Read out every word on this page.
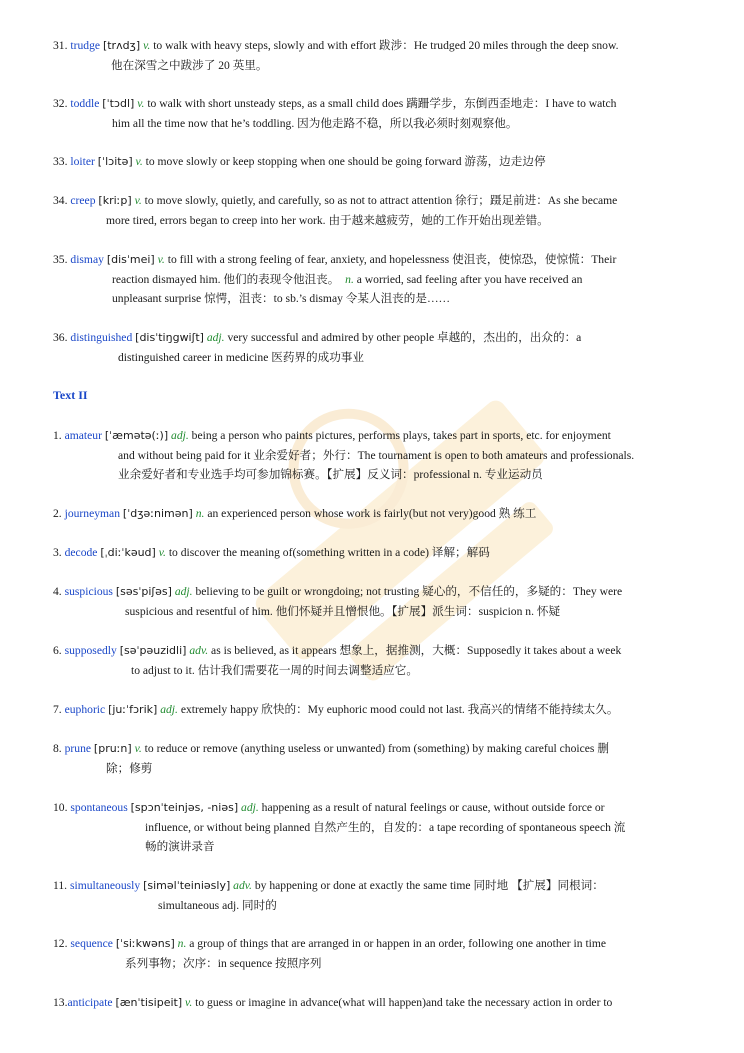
31. trudge [trʌdʒ] v. to walk with heavy steps, slowly and with effort 跋涉：He trudged 20 miles through the deep snow.
他在深雪之中跋涉了 20 英里。
32. toddle [ˈtɔdl] v. to walk with short unsteady steps, as a small child does 蹒跚学步，东倒西歪地走：I have to watch
him all the time now that he’s toddling. 因为他走路不稳，所以我必须时刻观察他。
33. loiter [ˈlɔitə] v. to move slowly or keep stopping when one should be going forward 游荡，边走边停
34. creep [kriːp] v. to move slowly, quietly, and carefully, so as not to attract attention 徐行；蹑足前进：As she became
more tired, errors began to creep into her work. 由于越来越疲劳，她的工作开始出现差错。
35. dismay [disˈmei] v. to fill with a strong feeling of fear, anxiety, and hopelessness 使沮丧，使惊恐，使惊慌：Their
reaction dismayed him. 他们的表现令他沮丧。 n. a worried, sad feeling after you have received an
unpleasant surprise 惊愕，沮丧：to sb.’s dismay 令某人沮丧的是……
36. distinguished [disˈtiŋgwiʃt] adj. very successful and admired by other people 卓越的，杰出的，出众的：a
distinguished career in medicine 医药界的成功事业
Text II
1. amateur [ˈæmətə(ː)] adj. being a person who paints pictures, performs plays, takes part in sports, etc. for enjoyment
and without being paid for it 业余爱好者；外行：The tournament is open to both amateurs and professionals.
业余爱好者和专业选手均可参加锦标赛。【扩展】反义词：professional n. 专业运动员
2. journeyman [ˈdʒəːnimən] n. an experienced person whose work is fairly(but not very)good 熟 练工
3. decode [ˌdiːˈkəud] v. to discover the meaning of(something written in a code) 译解；解码
4. suspicious [səsˈpiʃəs] adj. believing to be guilt or wrongdoing; not trusting 疑心的，不信任的，多疑的：They were
suspicious and resentful of him. 他们怀疑并且憎恨他。【扩展】派生词：suspicion n. 怀疑
6. supposedly [səˈpəuzidli] adv. as is believed, as it appears 想象上，据推测，大概：Supposedly it takes about a week
to adjust to it. 估计我们需要花一周的时间去调整适应它。
7. euphoric [juːˈfɔrik] adj. extremely happy 欣快的：My euphoric mood could not last. 我高兴的情绪不能持续太久。
8. prune [pruːn] v. to reduce or remove (anything useless or unwanted) from (something) by making careful choices 删
除；修剪
10. spontaneous [spɔnˈteinjəs, -niəs] adj. happening as a result of natural feelings or cause, without outside force or
influence, or without being planned 自然产生的，自发的：a tape recording of spontaneous speech 流
畅的演讲录音
11. simultaneously [siməlˈteiniəsly] adv. by happening or done at exactly the same time 同时地 【扩展】同根词：
simultaneous adj. 同时的
12. sequence [ˈsiːkwəns] n. a group of things that are arranged in or happen in an order, following one another in time
系列事物；次序：in sequence 按照序列
13.anticipate [ænˈtisipeit] v. to guess or imagine in advance(what will happen)and take the necessary action in order to
